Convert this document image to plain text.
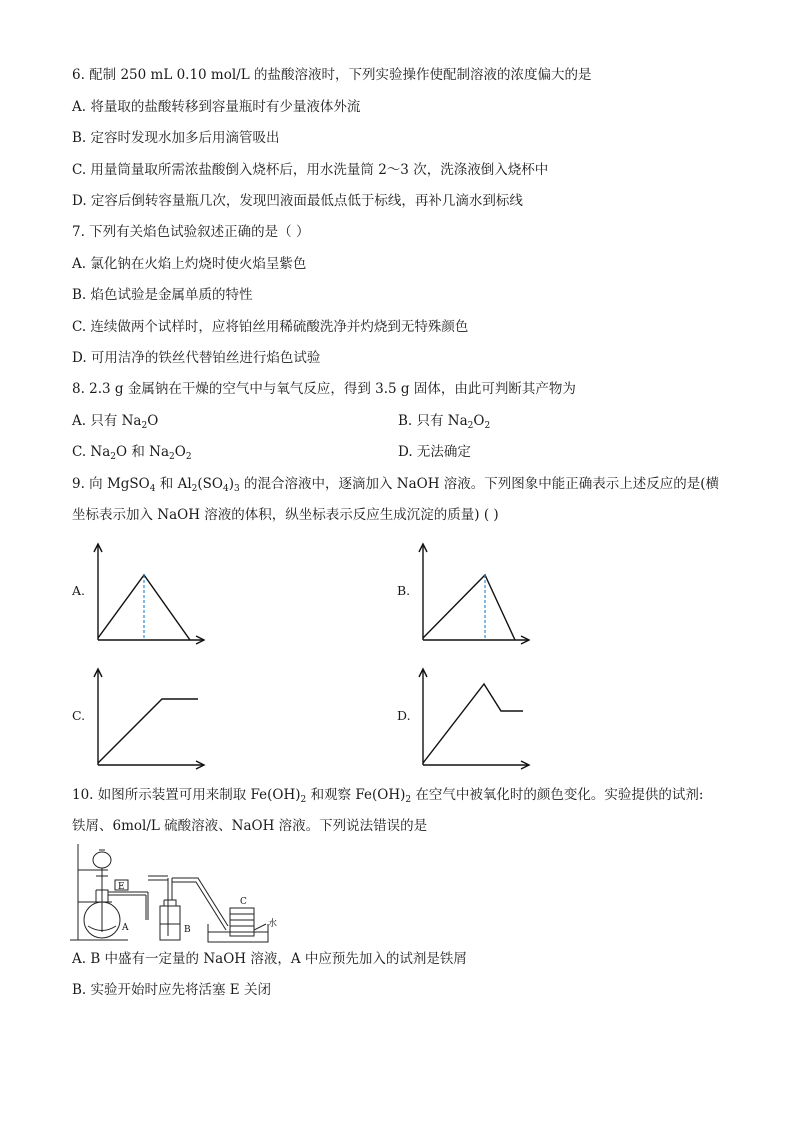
6. 配制 250 mL 0.10 mol/L 的盐酸溶液时，下列实验操作使配制溶液的浓度偏大的是
A. 将量取的盐酸转移到容量瓶时有少量液体外流
B. 定容时发现水加多后用滴管吸出
C. 用量筒量取所需浓盐酸倒入烧杯后，用水洗量筒 2～3 次，洗涤液倒入烧杯中
D. 定容后倒转容量瓶几次，发现凹液面最低点低于标线，再补几滴水到标线
7. 下列有关焰色试验叙述正确的是（ ）
A. 氯化钠在火焰上灼烧时使火焰呈紫色
B. 焰色试验是金属单质的特性
C. 连续做两个试样时，应将铂丝用稀硫酸洗净并灼烧到无特殊颜色
D. 可用洁净的铁丝代替铂丝进行焰色试验
8. 2.3 g 金属钠在干燥的空气中与氧气反应，得到 3.5 g 固体，由此可判断其产物为
A. 只有 $Na_2O$	B. 只有 $Na_2O_2$
C. $Na_2O$ 和 $Na_2O_2$	D. 无法确定
9. 向 MgSO$_4$ 和 $Al_2(SO_4)_3$ 的混合溶液中，逐滴加入 NaOH 溶液。下列图象中能正确表示上述反应的是(横
坐标表示加入 NaOH 溶液的体积，纵坐标表示反应生成沉淀的质量) ( )
A.	B.
C.	D.
10. 如图所示装置可用来制取 $Fe(OH)_2$ 和观察 $Fe(OH)_2$ 在空气中被氧化时的颜色变化。实验提供的试剂:
铁屑、6mol/L 硫酸溶液、NaOH 溶液。下列说法错误的是
E
A	B
C
水
A. B 中盛有一定量的 NaOH 溶液，A 中应预先加入的试剂是铁屑
B. 实验开始时应先将活塞 E 关闭
